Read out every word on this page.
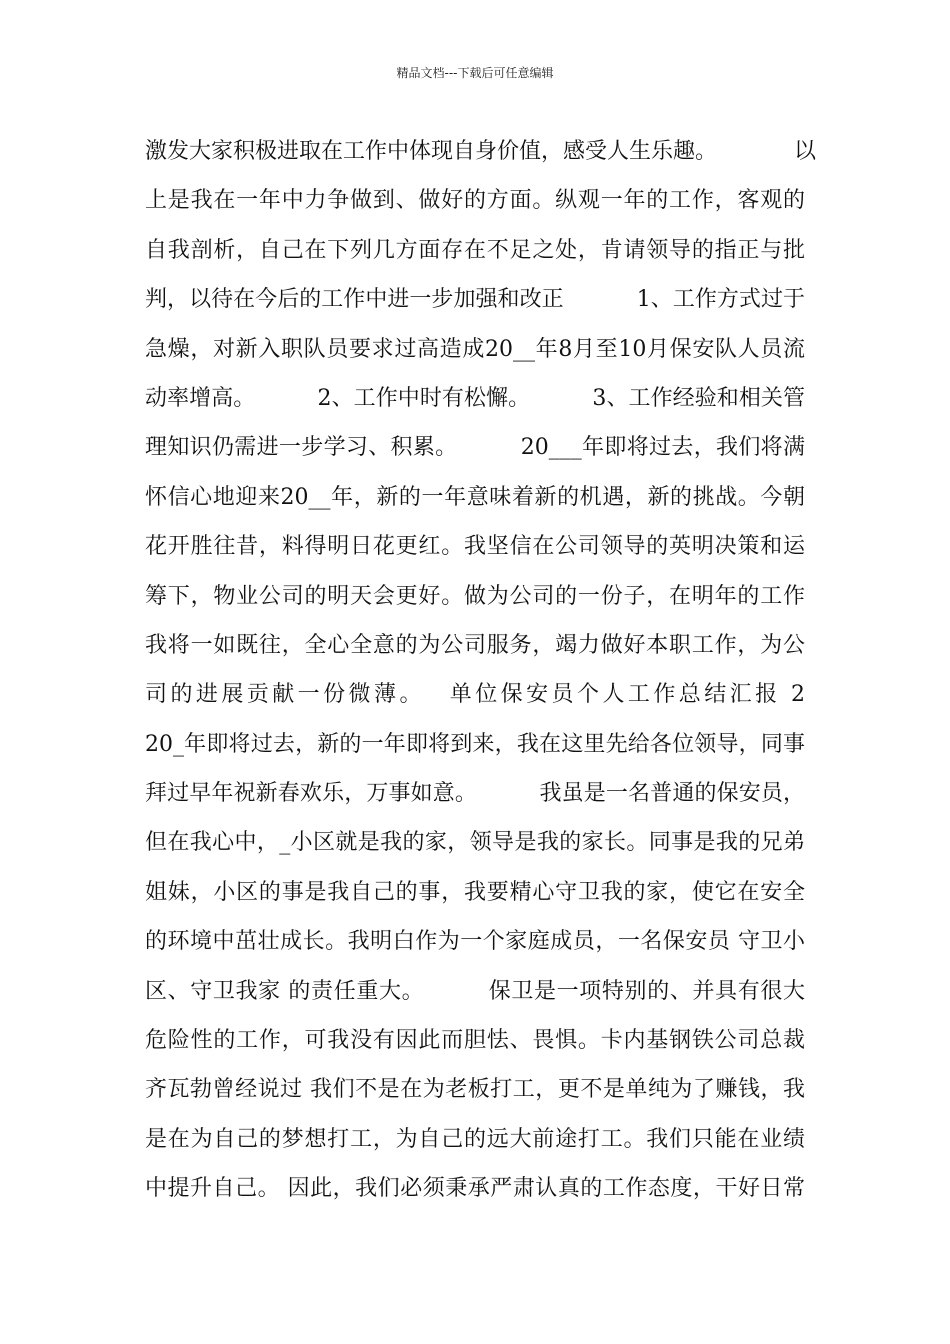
精品文档---下载后可任意编辑
激发大家积极进取在工作中体现自身价值，感受人生乐趣。　　　　以
上是我在一年中力争做到、做好的方面。纵观一年的工作，客观的
自我剖析，自己在下列几方面存在不足之处，肯请领导的指正与批
判，以待在今后的工作中进一步加强和改正　　　 1、工作方式过于
急燥，对新入职队员要求过高造成20__年8月至10月保安队人员流
动率增高。　　　 2、工作中时有松懈。　　　 3、工作经验和相关管
理知识仍需进一步学习、积累。　　　 20___年即将过去，我们将满
怀信心地迎来20__年，新的一年意味着新的机遇，新的挑战。今朝
花开胜往昔，料得明日花更红。我坚信在公司领导的英明决策和运
筹下，物业公司的明天会更好。做为公司的一份子，在明年的工作
我将一如既往，全心全意的为公司服务，竭力做好本职工作，为公
司的进展贡献一份微薄。　 单位保安员个人工作总结汇报 2
20_年即将过去，新的一年即将到来，我在这里先给各位领导，同事
拜过早年祝新春欢乐，万事如意。　　　 我虽是一名普通的保安员，
但在我心中，_小区就是我的家，领导是我的家长。同事是我的兄弟
姐妹，小区的事是我自己的事，我要精心守卫我的家，使它在安全
的环境中茁壮成长。我明白作为一个家庭成员，一名保安员 守卫小
区、守卫我家 的责任重大。　　　 保卫是一项特别的、并具有很大
危险性的工作，可我没有因此而胆怯、畏惧。卡内基钢铁公司总裁
齐瓦勃曾经说过 我们不是在为老板打工，更不是单纯为了赚钱，我
是在为自己的梦想打工，为自己的远大前途打工。我们只能在业绩
中提升自己。 因此，我们必须秉承严肃认真的工作态度，干好日常
